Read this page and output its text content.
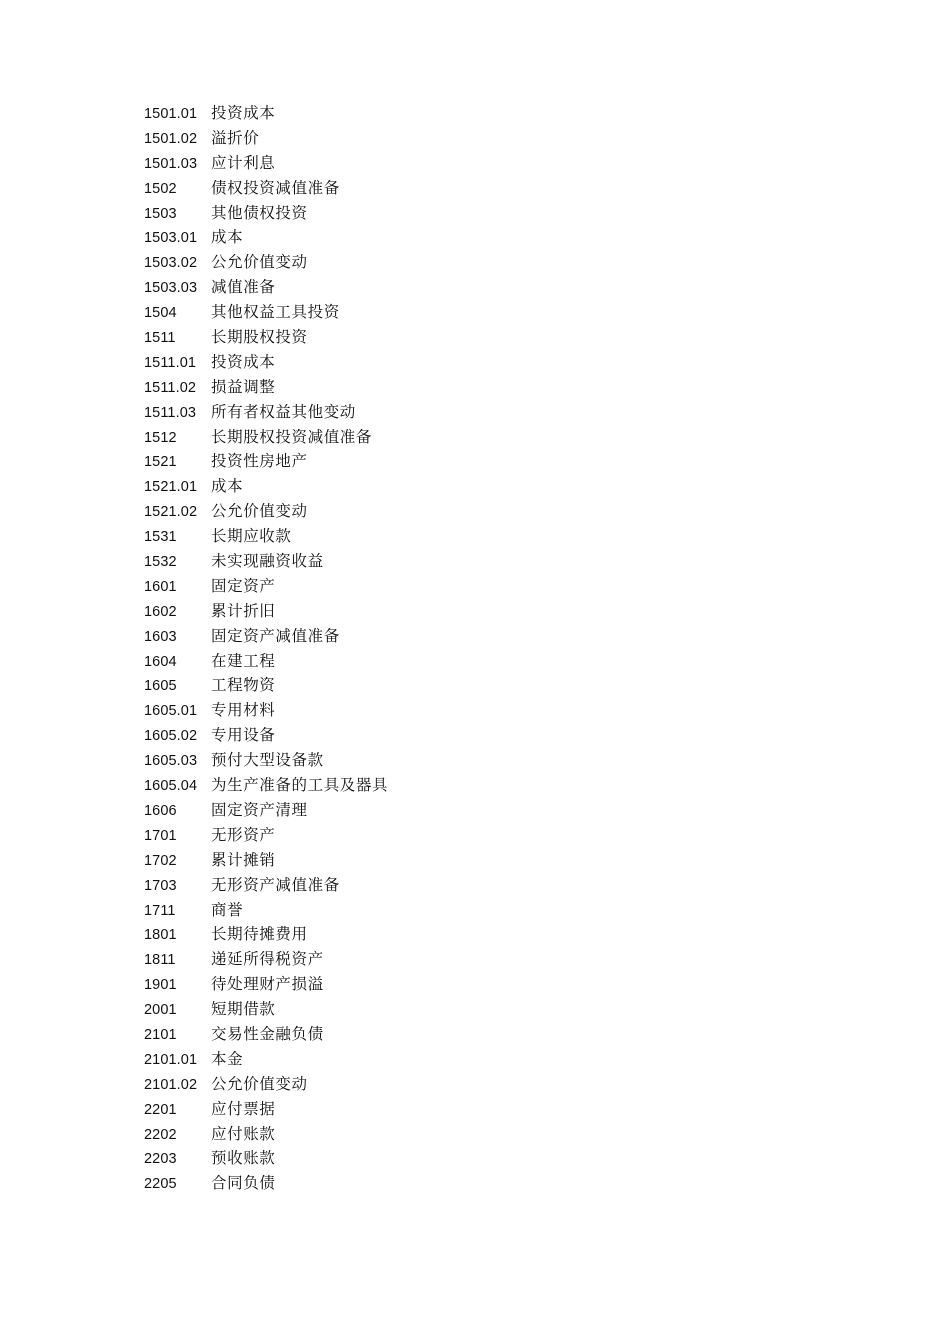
1501.01 投资成本
1501.02 溢折价
1501.03 应计利息
1502 债权投资减值准备
1503 其他债权投资
1503.01 成本
1503.02 公允价值变动
1503.03 减值准备
1504 其他权益工具投资
1511 长期股权投资
1511.01 投资成本
1511.02 损益调整
1511.03 所有者权益其他变动
1512 长期股权投资减值准备
1521 投资性房地产
1521.01 成本
1521.02 公允价值变动
1531 长期应收款
1532 未实现融资收益
1601 固定资产
1602 累计折旧
1603 固定资产减值准备
1604 在建工程
1605 工程物资
1605.01 专用材料
1605.02 专用设备
1605.03 预付大型设备款
1605.04 为生产准备的工具及器具
1606 固定资产清理
1701 无形资产
1702 累计摊销
1703 无形资产减值准备
1711 商誉
1801 长期待摊费用
1811 递延所得税资产
1901 待处理财产损溢
2001 短期借款
2101 交易性金融负债
2101.01 本金
2101.02 公允价值变动
2201 应付票据
2202 应付账款
2203 预收账款
2205 合同负债
